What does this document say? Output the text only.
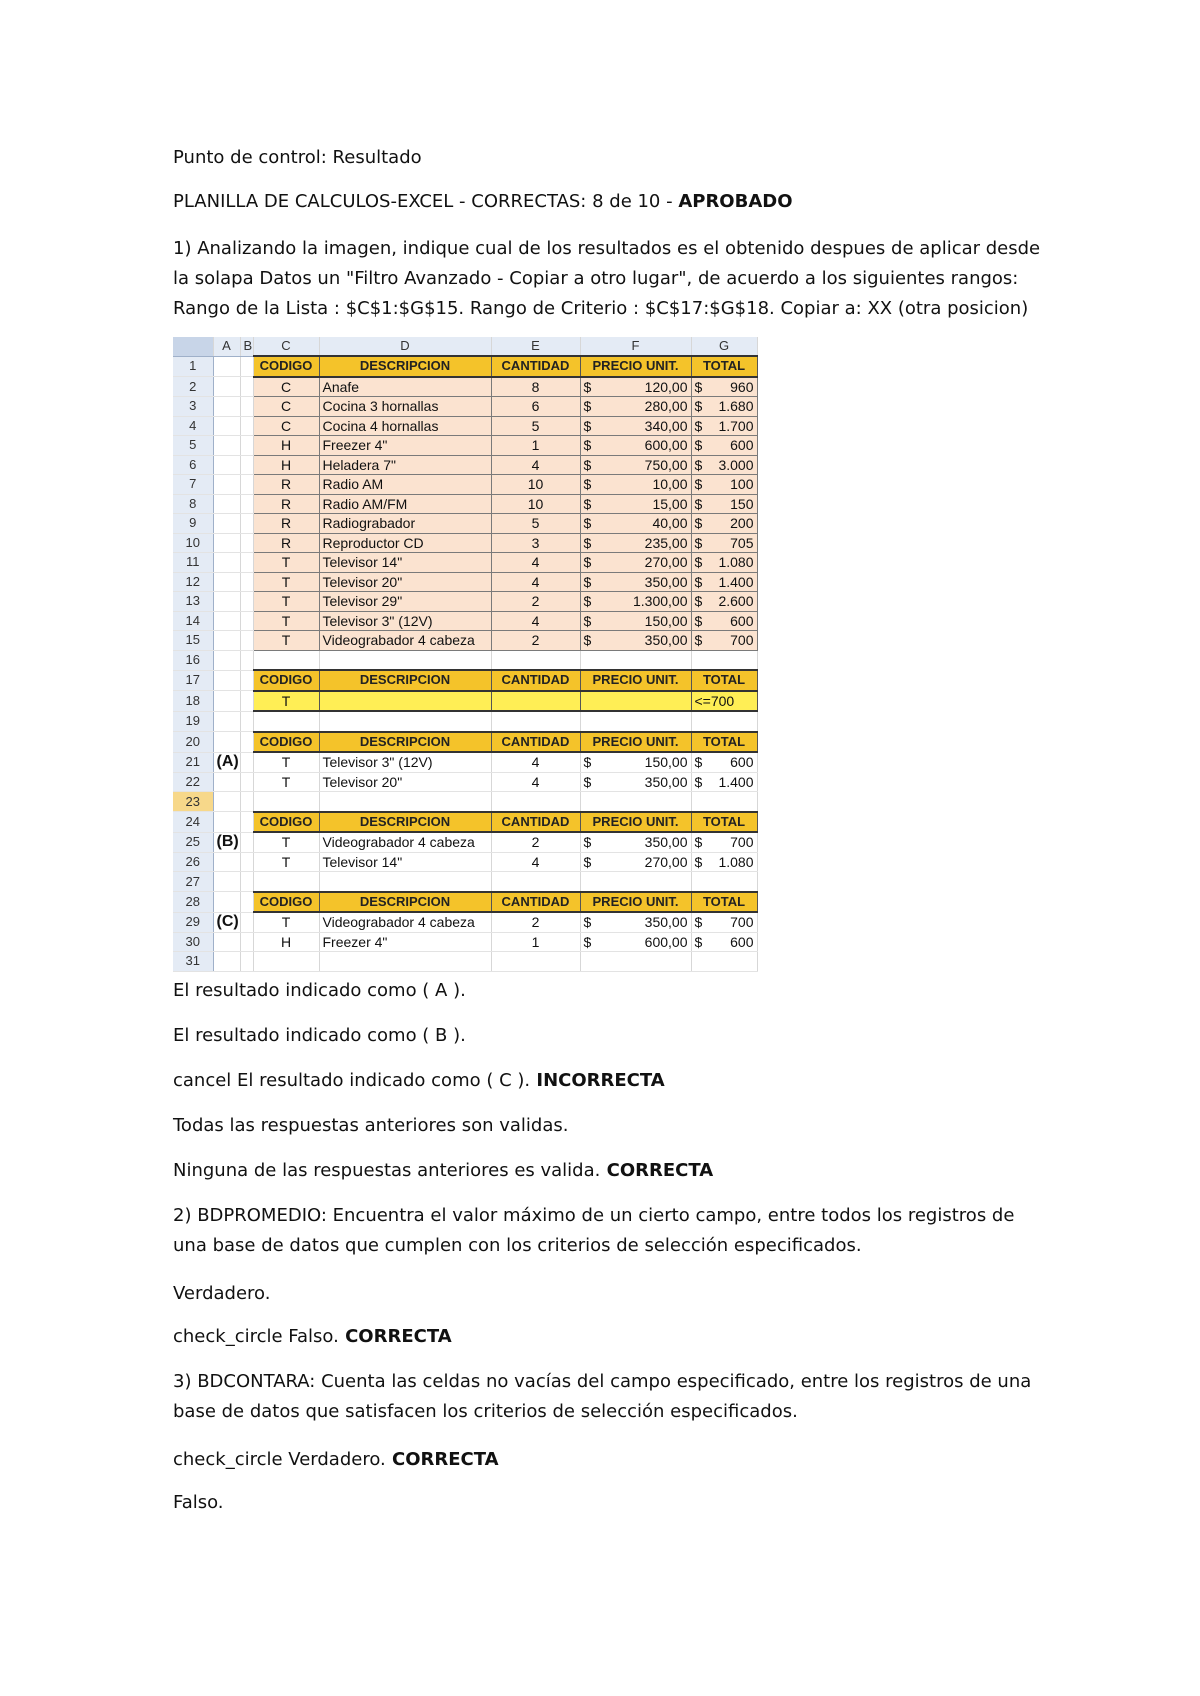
Punto de control: Resultado
PLANILLA DE CALCULOS-EXCEL - CORRECTAS: 8 de 10 - APROBADO
1) Analizando la imagen, indique cual de los resultados es el obtenido despues de aplicar desde
la solapa Datos un "Filtro Avanzado - Copiar a otro lugar", de acuerdo a los siguientes rangos:
Rango de la Lista : $C$1:$G$15. Rango de Criterio : $C$17:$G$18. Copiar a: XX (otra posicion)
	A	B	C	D	E	F	G
1			CODIGO	DESCRIPCION	CANTIDAD	PRECIO UNIT.	TOTAL
2			C	Anafe	8	$ 120,00	$ 960

3			C	Cocina 3 hornallas	6	$ 280,00	$ 1.680

4			C	Cocina 4 hornallas	5	$ 340,00	$ 1.700

5			H	Freezer 4"	1	$ 600,00	$ 600

6			H	Heladera 7"	4	$ 750,00	$ 3.000

7			R	Radio AM	10	$ 10,00	$ 100

8			R	Radio AM/FM	10	$ 15,00	$ 150

9			R	Radiograbador	5	$ 40,00	$ 200

10			R	Reproductor CD	3	$ 235,00	$ 705

11			T	Televisor 14"	4	$ 270,00	$ 1.080

12			T	Televisor 20"	4	$ 350,00	$ 1.400

13			T	Televisor 29"	2	$ 1.300,00	$ 2.600

14			T	Televisor 3" (12V)	4	$ 150,00	$ 600

15			T	Videograbador 4 cabeza	2	$ 350,00	$ 700

16							
17			CODIGO	DESCRIPCION	CANTIDAD	PRECIO UNIT.	TOTAL
18			T				<=700
19							
20			CODIGO	DESCRIPCION	CANTIDAD	PRECIO UNIT.	TOTAL
21	(A)		T	Televisor 3" (12V)	4	$ 150,00	$ 600

22			T	Televisor 20"	4	$ 350,00	$ 1.400

23							
24			CODIGO	DESCRIPCION	CANTIDAD	PRECIO UNIT.	TOTAL
25	(B)		T	Videograbador 4 cabeza	2	$ 350,00	$ 700

26			T	Televisor 14"	4	$ 270,00	$ 1.080

27							
28			CODIGO	DESCRIPCION	CANTIDAD	PRECIO UNIT.	TOTAL
29	(C)		T	Videograbador 4 cabeza	2	$ 350,00	$ 700

30			H	Freezer 4"	1	$ 600,00	$ 600

31							
El resultado indicado como ( A ).
El resultado indicado como ( B ).
cancel El resultado indicado como ( C ). INCORRECTA
Todas las respuestas anteriores son validas.
Ninguna de las respuestas anteriores es valida. CORRECTA
2) BDPROMEDIO: Encuentra el valor máximo de un cierto campo, entre todos los registros de
una base de datos que cumplen con los criterios de selección especificados.
Verdadero.
check_circle Falso. CORRECTA
3) BDCONTARA: Cuenta las celdas no vacías del campo especificado, entre los registros de una
base de datos que satisfacen los criterios de selección especificados.
check_circle Verdadero. CORRECTA
Falso.
